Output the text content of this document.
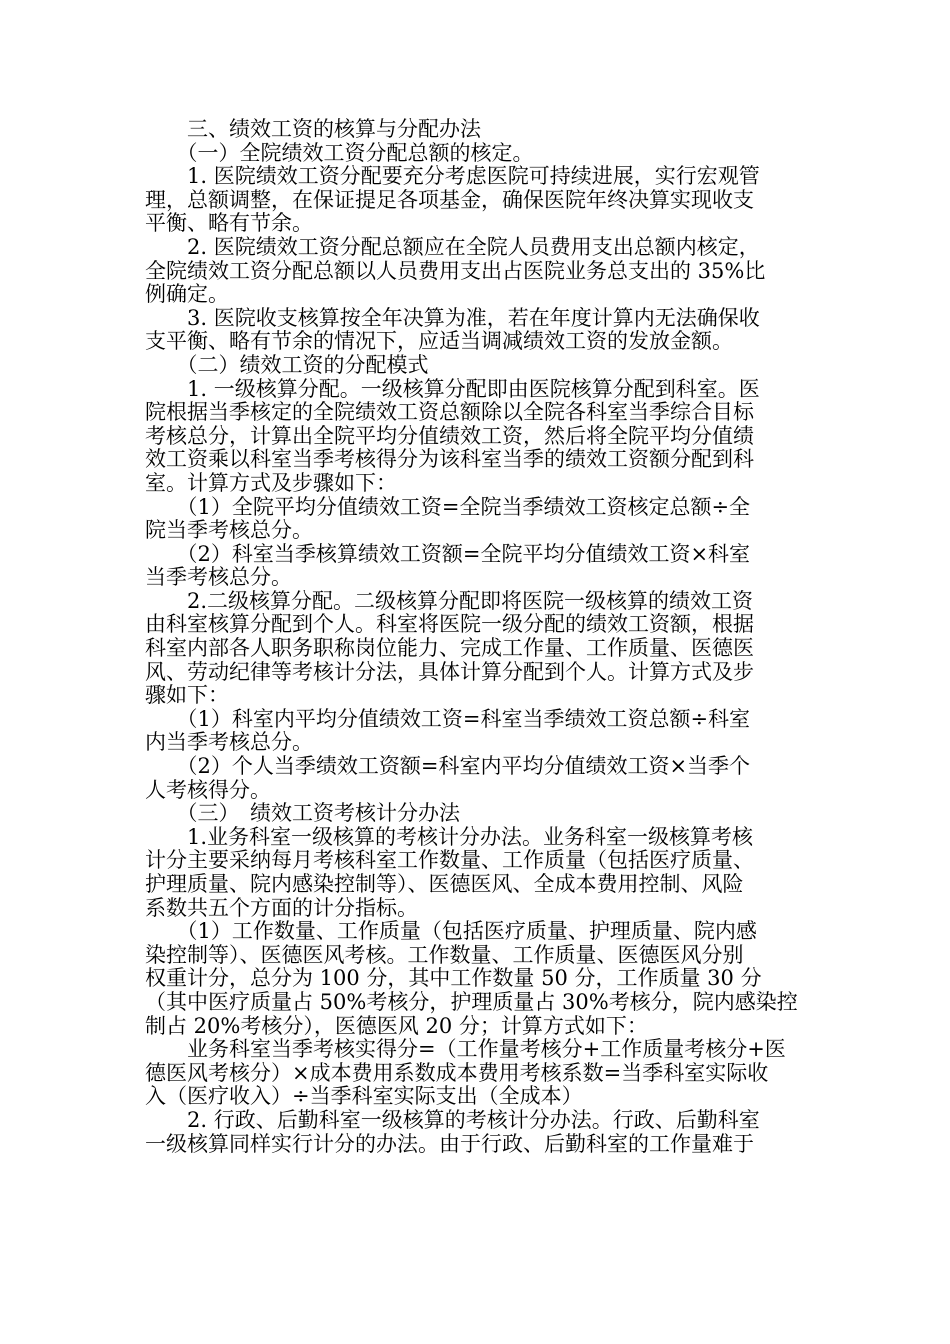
　　三、绩效工资的核算与分配办法
　　（一）全院绩效工资分配总额的核定。
　　1. 医院绩效工资分配要充分考虑医院可持续进展，实行宏观管
理，总额调整，在保证提足各项基金，确保医院年终决算实现收支
平衡、略有节余。
　　2. 医院绩效工资分配总额应在全院人员费用支出总额内核定，
全院绩效工资分配总额以人员费用支出占医院业务总支出的 35%比
例确定。
　　3. 医院收支核算按全年决算为准，若在年度计算内无法确保收
支平衡、略有节余的情况下，应适当调减绩效工资的发放金额。
　　（二）绩效工资的分配模式
　　1. 一级核算分配。一级核算分配即由医院核算分配到科室。医
院根据当季核定的全院绩效工资总额除以全院各科室当季综合目标
考核总分，计算出全院平均分值绩效工资，然后将全院平均分值绩
效工资乘以科室当季考核得分为该科室当季的绩效工资额分配到科
室。计算方式及步骤如下：
　　（1）全院平均分值绩效工资=全院当季绩效工资核定总额÷全
院当季考核总分。
　　（2）科室当季核算绩效工资额=全院平均分值绩效工资×科室
当季考核总分。
　　2.二级核算分配。二级核算分配即将医院一级核算的绩效工资
由科室核算分配到个人。科室将医院一级分配的绩效工资额，根据
科室内部各人职务职称岗位能力、完成工作量、工作质量、医德医
风、劳动纪律等考核计分法，具体计算分配到个人。计算方式及步
骤如下：
　　（1）科室内平均分值绩效工资=科室当季绩效工资总额÷科室
内当季考核总分。
　　（2）个人当季绩效工资额=科室内平均分值绩效工资×当季个
人考核得分。
　　（三）　绩效工资考核计分办法
　　1.业务科室一级核算的考核计分办法。业务科室一级核算考核
计分主要采纳每月考核科室工作数量、工作质量（包括医疗质量、
护理质量、院内感染控制等）、医德医风、全成本费用控制、风险
系数共五个方面的计分指标。
　　（1）工作数量、工作质量（包括医疗质量、护理质量、院内感
染控制等）、医德医风考核。工作数量、工作质量、医德医风分别
权重计分，总分为 100 分，其中工作数量 50 分，工作质量 30 分
（其中医疗质量占 50%考核分，护理质量占 30%考核分，院内感染控
制占 20%考核分），医德医风 20 分；计算方式如下：
　　业务科室当季考核实得分=（工作量考核分+工作质量考核分+医
德医风考核分）×成本费用系数成本费用考核系数=当季科室实际收
入（医疗收入）÷当季科室实际支出（全成本）
　　2. 行政、后勤科室一级核算的考核计分办法。行政、后勤科室
一级核算同样实行计分的办法。由于行政、后勤科室的工作量难于
